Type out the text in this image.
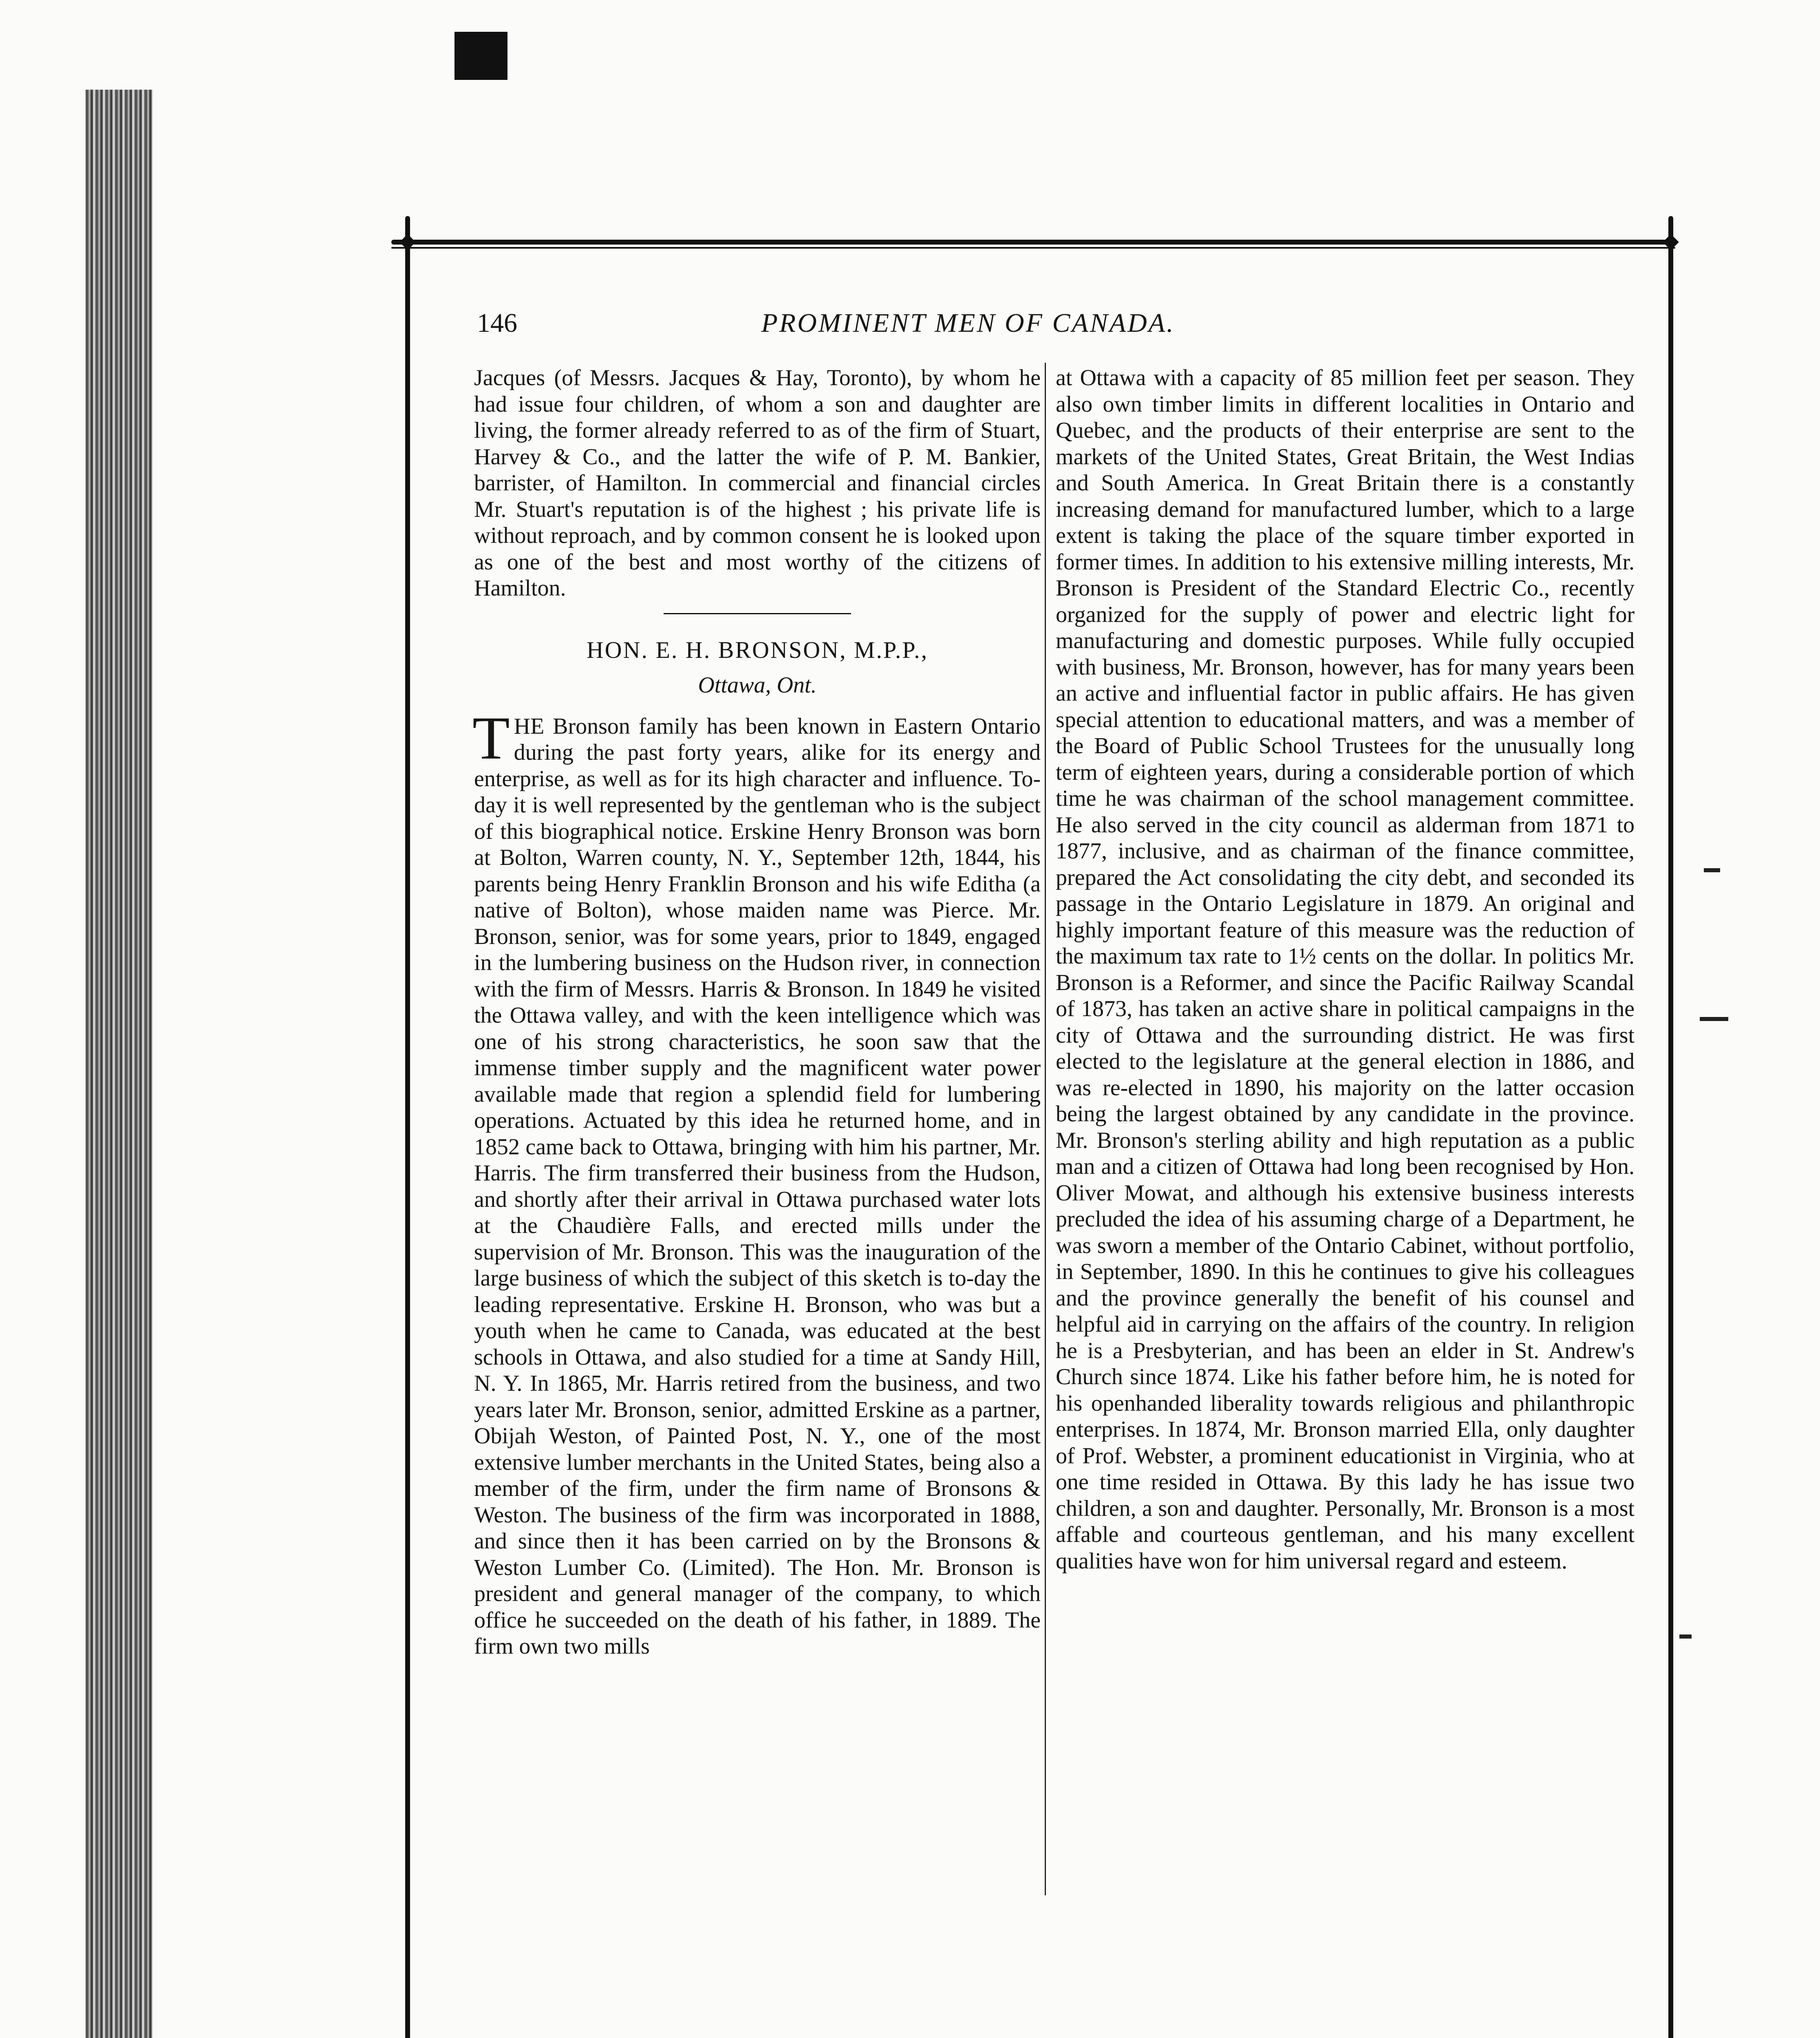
146	PROMINENT MEN OF CANADA.

Jacques (of Messrs. Jacques & Hay, Toronto), by whom he had issue four children, of whom a son and daughter are living, the former already referred to as of the firm of Stuart, Harvey & Co., and the latter the wife of P. M. Bankier, barrister, of Hamilton. In commercial and financial circles Mr. Stuart's reputation is of the highest ; his private life is without reproach, and by common consent he is looked upon as one of the best and most worthy of the citizens of Hamilton.

HON. E. H. BRONSON, M.P.P.,
Ottawa, Ont.

THE Bronson family has been known in Eastern Ontario during the past forty years, alike for its energy and enterprise, as well as for its high character and influence. To-day it is well represented by the gentleman who is the subject of this biographical notice. Erskine Henry Bronson was born at Bolton, Warren county, N. Y., September 12th, 1844, his parents being Henry Franklin Bronson and his wife Editha (a native of Bolton), whose maiden name was Pierce. Mr. Bronson, senior, was for some years, prior to 1849, engaged in the lumbering business on the Hudson river, in connection with the firm of Messrs. Harris & Bronson. In 1849 he visited the Ottawa valley, and with the keen intelligence which was one of his strong characteristics, he soon saw that the immense timber supply and the magnificent water power available made that region a splendid field for lumbering operations. Actuated by this idea he returned home, and in 1852 came back to Ottawa, bringing with him his partner, Mr. Harris. The firm transferred their business from the Hudson, and shortly after their arrival in Ottawa purchased water lots at the Chaudière Falls, and erected mills under the supervision of Mr. Bronson. This was the inauguration of the large business of which the subject of this sketch is to-day the leading representative. Erskine H. Bronson, who was but a youth when he came to Canada, was educated at the best schools in Ottawa, and also studied for a time at Sandy Hill, N. Y. In 1865, Mr. Harris retired from the business, and two years later Mr. Bronson, senior, admitted Erskine as a partner, Obijah Weston, of Painted Post, N. Y., one of the most extensive lumber merchants in the United States, being also a member of the firm, under the firm name of Bronsons & Weston. The business of the firm was incorporated in 1888, and since then it has been carried on by the Bronsons & Weston Lumber Co. (Limited). The Hon. Mr. Bronson is president and general manager of the company, to which office he succeeded on the death of his father, in 1889. The firm own two mills

at Ottawa with a capacity of 85 million feet per season. They also own timber limits in different localities in Ontario and Quebec, and the products of their enterprise are sent to the markets of the United States, Great Britain, the West Indias and South America. In Great Britain there is a constantly increasing demand for manufactured lumber, which to a large extent is taking the place of the square timber exported in former times. In addition to his extensive milling interests, Mr. Bronson is President of the Standard Electric Co., recently organized for the supply of power and electric light for manufacturing and domestic purposes. While fully occupied with business, Mr. Bronson, however, has for many years been an active and influential factor in public affairs. He has given special attention to educational matters, and was a member of the Board of Public School Trustees for the unusually long term of eighteen years, during a considerable portion of which time he was chairman of the school management committee. He also served in the city council as alderman from 1871 to 1877, inclusive, and as chairman of the finance committee, prepared the Act consolidating the city debt, and seconded its passage in the Ontario Legislature in 1879. An original and highly important feature of this measure was the reduction of the maximum tax rate to 1½ cents on the dollar. In politics Mr. Bronson is a Reformer, and since the Pacific Railway Scandal of 1873, has taken an active share in political campaigns in the city of Ottawa and the surrounding district. He was first elected to the legislature at the general election in 1886, and was re-elected in 1890, his majority on the latter occasion being the largest obtained by any candidate in the province. Mr. Bronson's sterling ability and high reputation as a public man and a citizen of Ottawa had long been recognised by Hon. Oliver Mowat, and although his extensive business interests precluded the idea of his assuming charge of a Department, he was sworn a member of the Ontario Cabinet, without portfolio, in September, 1890. In this he continues to give his colleagues and the province generally the benefit of his counsel and helpful aid in carrying on the affairs of the country. In religion he is a Presbyterian, and has been an elder in St. Andrew's Church since 1874. Like his father before him, he is noted for his openhanded liberality towards religious and philanthropic enterprises. In 1874, Mr. Bronson married Ella, only daughter of Prof. Webster, a prominent educationist in Virginia, who at one time resided in Ottawa. By this lady he has issue two children, a son and daughter. Personally, Mr. Bronson is a most affable and courteous gentleman, and his many excellent qualities have won for him universal regard and esteem.
